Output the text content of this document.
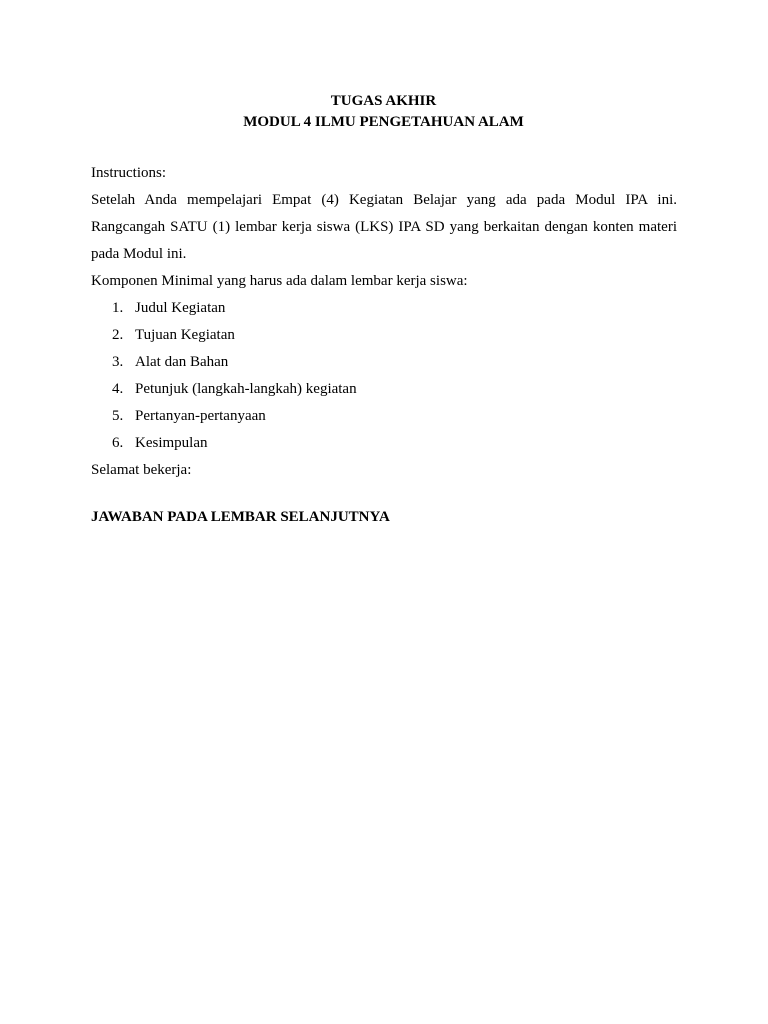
TUGAS AKHIR
MODUL 4 ILMU PENGETAHUAN ALAM
Instructions:
Setelah Anda mempelajari Empat (4) Kegiatan Belajar yang ada pada Modul IPA ini. Rangcangah SATU (1) lembar kerja siswa (LKS) IPA SD yang berkaitan dengan konten materi pada Modul ini.
Komponen Minimal yang harus ada dalam lembar kerja siswa:
1. Judul Kegiatan
2. Tujuan Kegiatan
3. Alat dan Bahan
4. Petunjuk (langkah-langkah) kegiatan
5. Pertanyan-pertanyaan
6. Kesimpulan
Selamat bekerja:
JAWABAN PADA LEMBAR SELANJUTNYA
